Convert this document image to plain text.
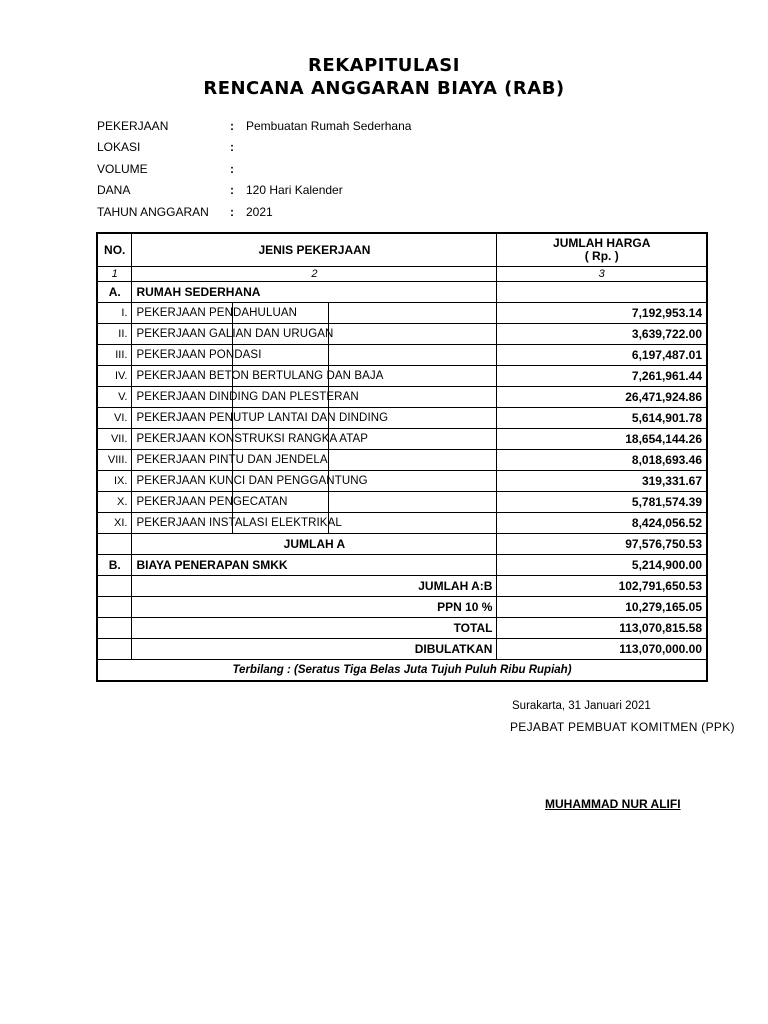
REKAPITULASI
RENCANA ANGGARAN BIAYA (RAB)
PEKERJAAN	:	Pembuatan Rumah Sederhana
LOKASI	:
VOLUME	:
DANA	:	120 Hari Kalender
TAHUN ANGGARAN	:	2021
NO.	JENIS PEKERJAAN	JUMLAH HARGA
( Rp. )

1	2	3
A.	RUMAH SEDERHANA	
I.	PEKERJAAN PENDAHULUAN	7,192,953.14
II.	PEKERJAAN GALIAN DAN URUGAN	3,639,722.00
III.	PEKERJAAN PONDASI	6,197,487.01
IV.	PEKERJAAN BETON BERTULANG DAN BAJA	7,261,961.44
V.	PEKERJAAN DINDING DAN PLESTERAN	26,471,924.86
VI.	PEKERJAAN PENUTUP LANTAI DAN DINDING	5,614,901.78
VII.	PEKERJAAN KONSTRUKSI RANGKA ATAP	18,654,144.26
VIII.	PEKERJAAN PINTU DAN JENDELA	8,018,693.46
IX.	PEKERJAAN KUNCI DAN PENGGANTUNG	319,331.67
X.	PEKERJAAN PENGECATAN	5,781,574.39
XI.	PEKERJAAN INSTALASI ELEKTRIKAL	8,424,056.52
	JUMLAH A	97,576,750.53
B.	BIAYA PENERAPAN SMKK	5,214,900.00
	JUMLAH A:B	102,791,650.53
	PPN 10 %	10,279,165.05
	TOTAL	113,070,815.58
	DIBULATKAN	113,070,000.00
Terbilang : (Seratus Tiga Belas Juta Tujuh Puluh Ribu Rupiah)		
Surakarta, 31 Januari 2021
PEJABAT PEMBUAT KOMITMEN (PPK)
MUHAMMAD NUR ALIFI
